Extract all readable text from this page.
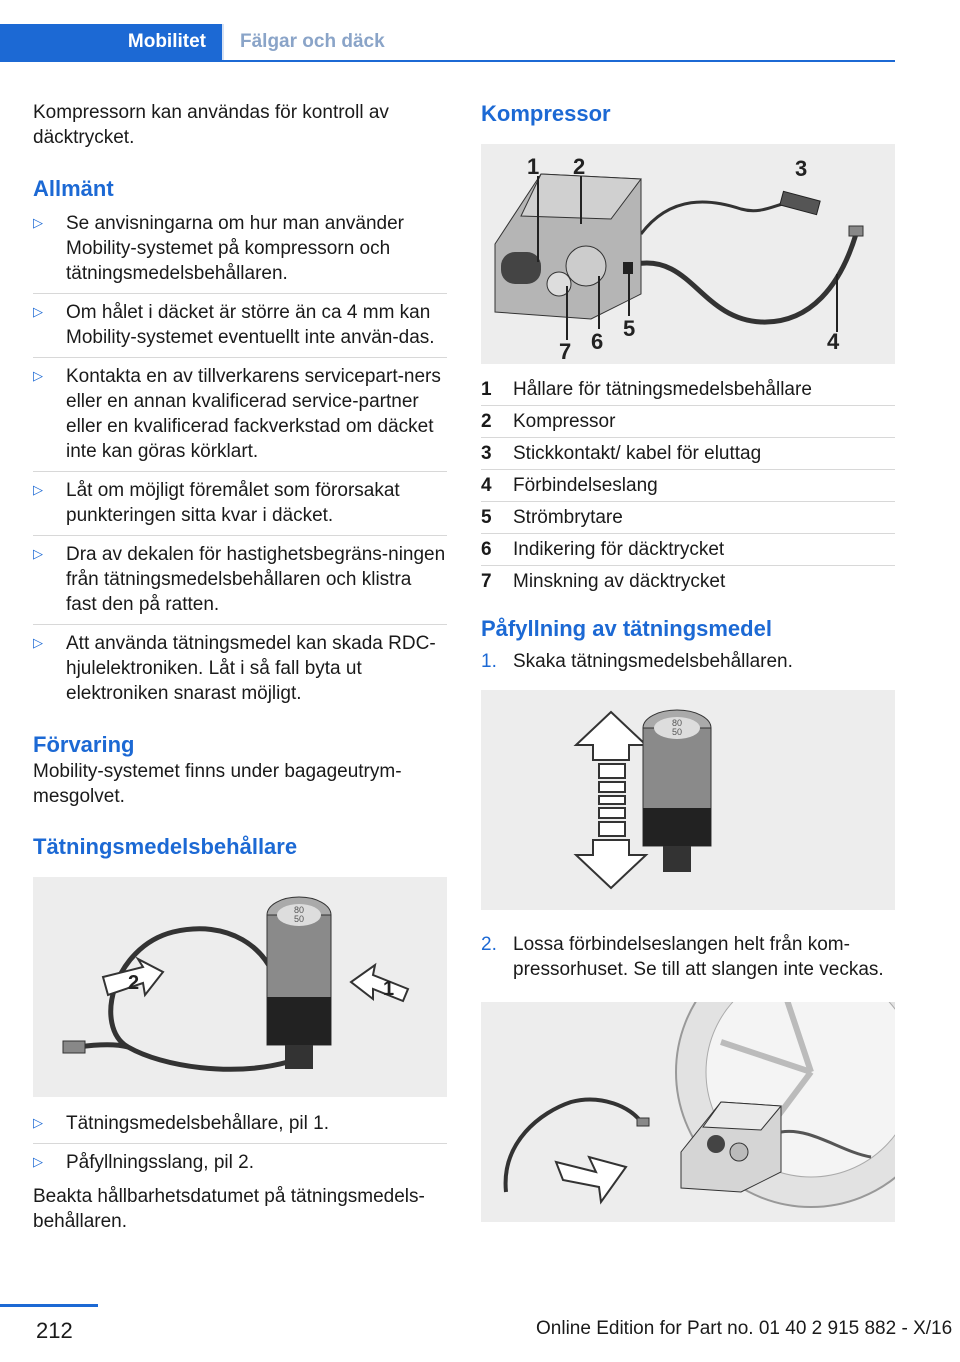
Mobilitet	Fälgar och däck

Kompressorn kan användas för kontroll av däcktrycket.

Allmänt
▷ Se anvisningarna om hur man använder Mobility-systemet på kompressorn och tätningsmedelsbehållaren.
▷ Om hålet i däcket är större än ca 4 mm kan Mobility-systemet eventuellt inte använ-das.
▷ Kontakta en av tillverkarens servicepart-ners eller en annan kvalificerad service-partner eller en kvalificerad fackverkstad om däcket inte kan göras körklart.
▷ Låt om möjligt föremålet som förorsakat punkteringen sitta kvar i däcket.
▷ Dra av dekalen för hastighetsbegräns-ningen från tätningsmedelsbehållaren och klistra fast den på ratten.
▷ Att använda tätningsmedel kan skada RDC-hjulelektroniken. Låt i så fall byta ut elektroniken snarast möjligt.
Förvaring

Mobility-systemet finns under bagageutrym-mesgolvet.

Tätningsmedelsbehållare
80
50
2	1
▷ Tätningsmedelsbehållare, pil 1.
▷ Påfyllningsslang, pil 2.

Beakta hållbarhetsdatumet på tätningsmedels-behållaren.

Kompressor
1 2	3
4
5
6
7
1	Hållare för tätningsmedelsbehållare
2	Kompressor
3	Stickkontakt/ kabel för eluttag
4	Förbindelseslang
5	Strömbrytare
6	Indikering för däcktrycket
7	Minskning av däcktrycket
Påfyllning av tätningsmedel
1. Skaka tätningsmedelsbehållaren.
80
50
2. Lossa förbindelseslangen helt från kom-pressorhuset. Se till att slangen inte veckas.
212	Online Edition for Part no. 01 40 2 915 882 - X/16
